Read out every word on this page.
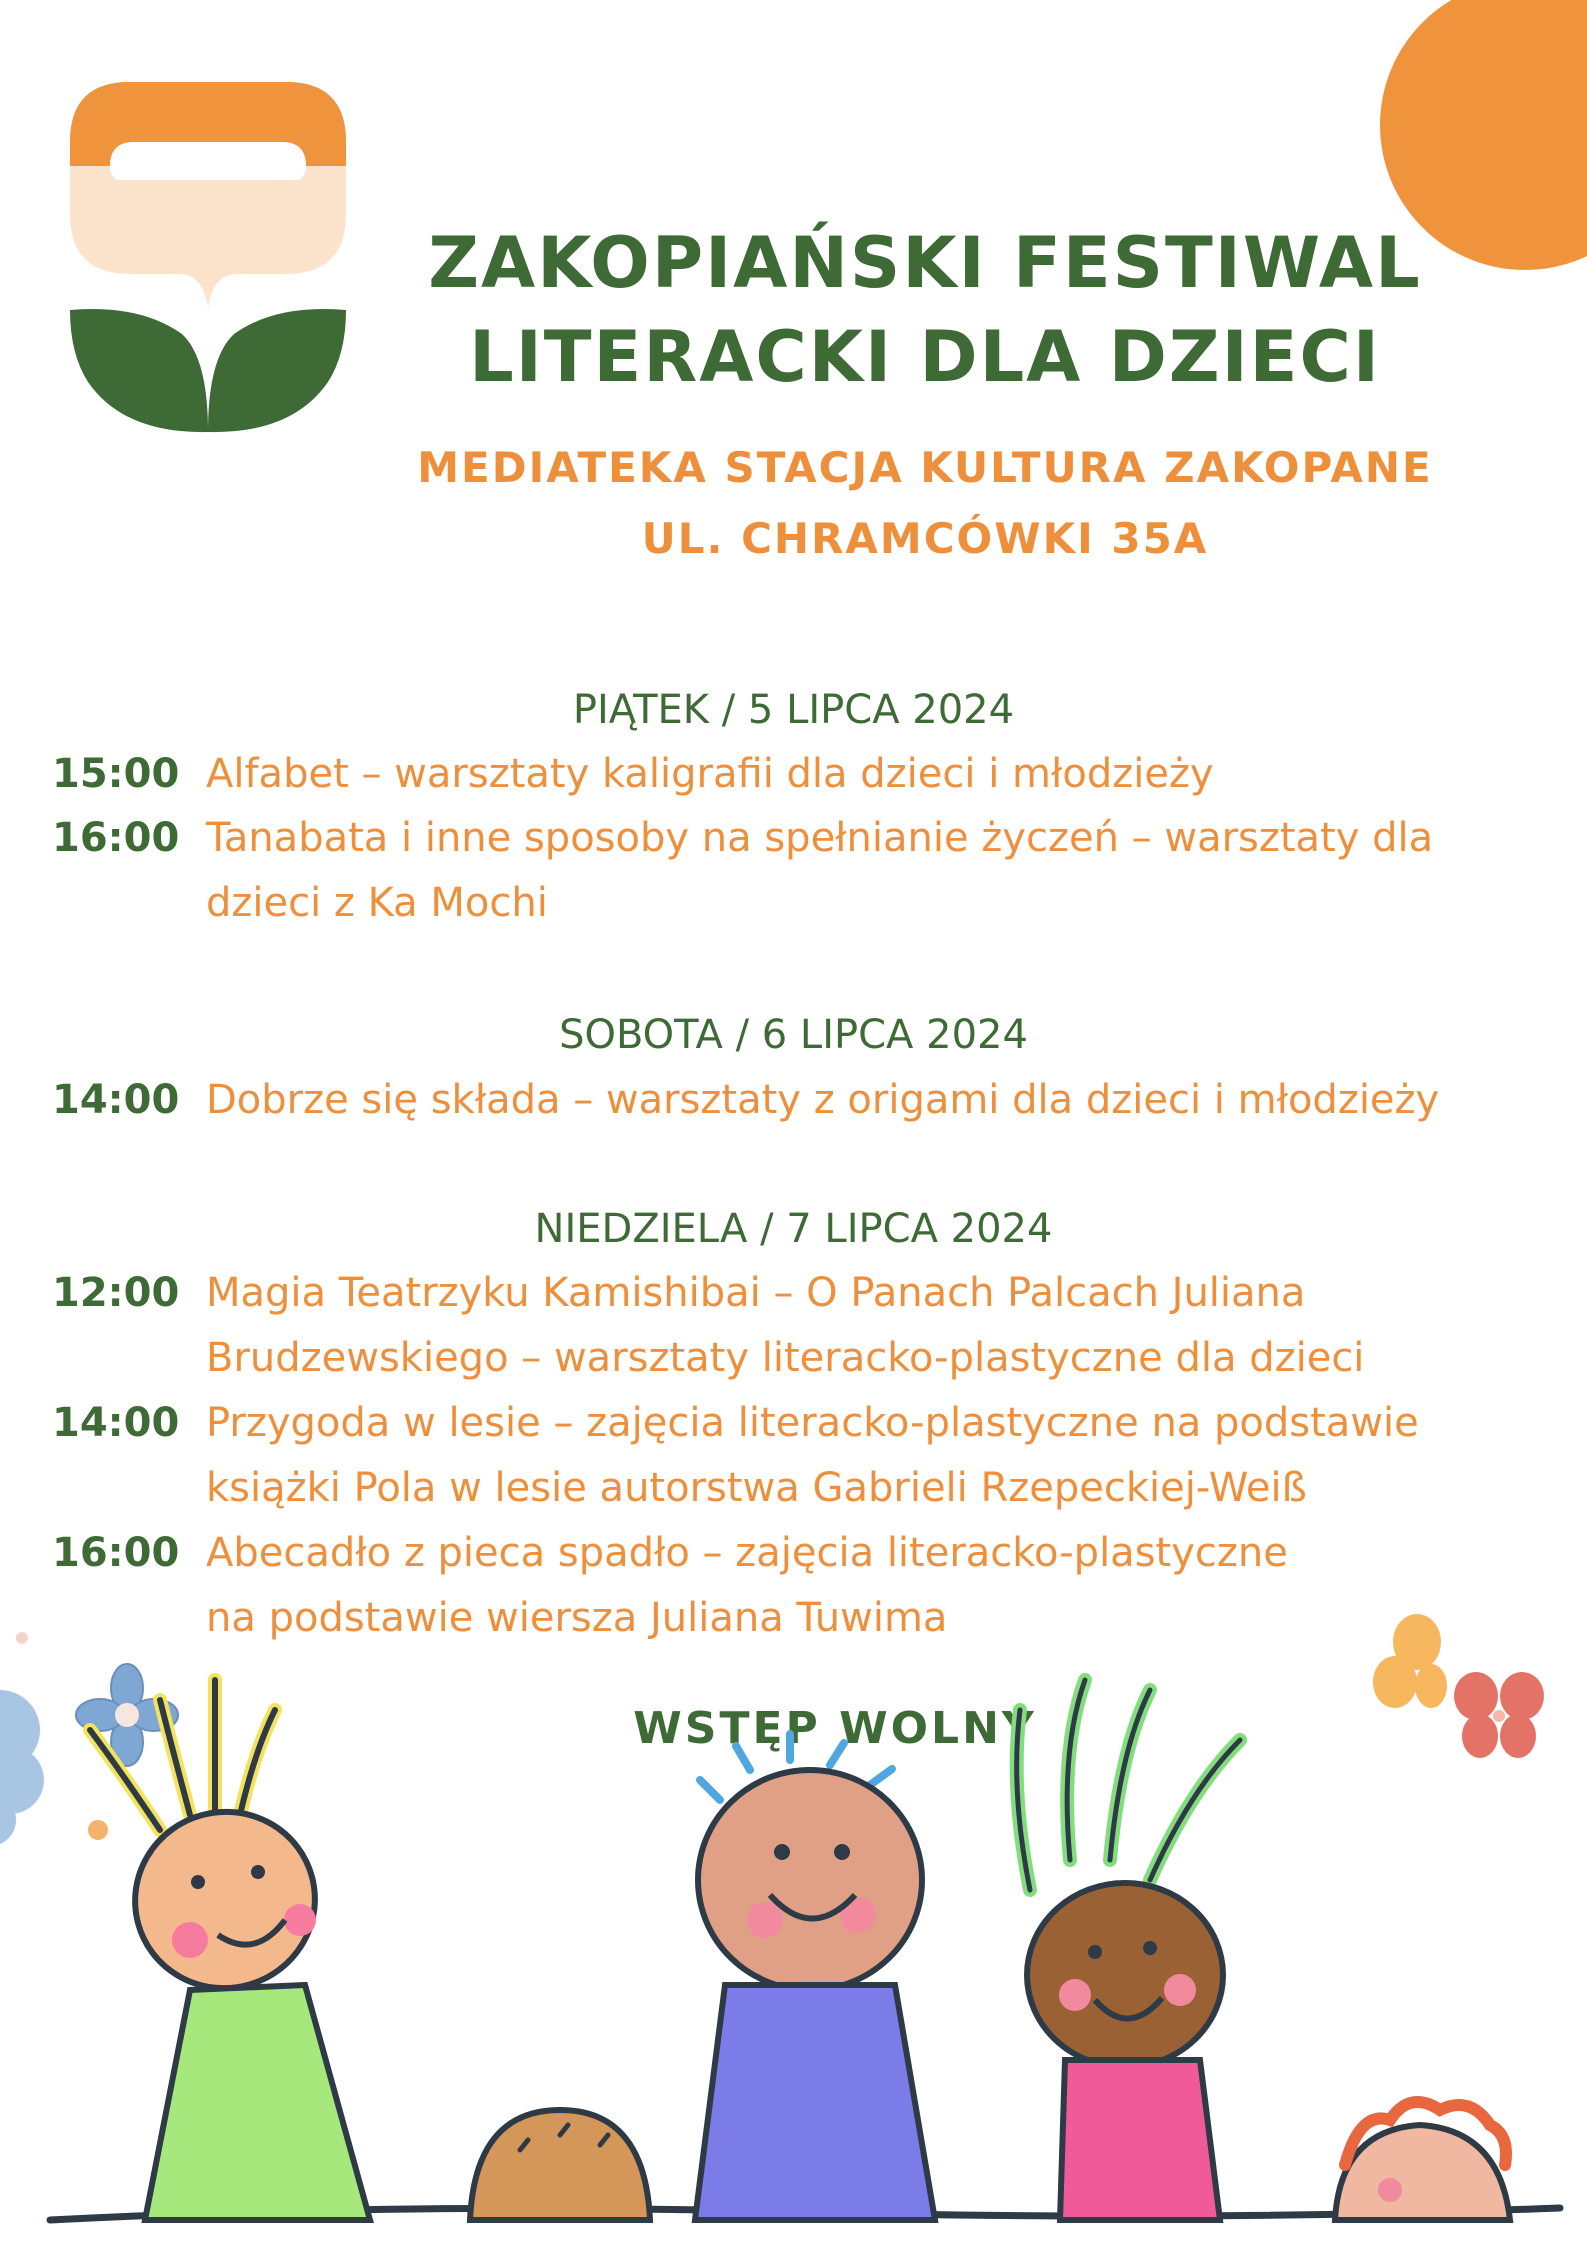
ZAKOPIAŃSKI FESTIWAL
LITERACKI DLA DZIECI
MEDIATEKA STACJA KULTURA ZAKOPANE
UL. CHRAMCÓWKI 35A
PIĄTEK / 5 LIPCA 2024
15:00 Alfabet – warsztaty kaligrafii dla dzieci i młodzieży
16:00 Tanabata i inne sposoby na spełnianie życzeń – warsztaty dla
dzieci z Ka Mochi
SOBOTA / 6 LIPCA 2024
14:00 Dobrze się składa – warsztaty z origami dla dzieci i młodzieży
NIEDZIELA / 7 LIPCA 2024
12:00 Magia Teatrzyku Kamishibai – O Panach Palcach Juliana
Brudzewskiego – warsztaty literacko-plastyczne dla dzieci
14:00 Przygoda w lesie – zajęcia literacko-plastyczne na podstawie
książki Pola w lesie autorstwa Gabrieli Rzepeckiej-Weiß
16:00 Abecadło z pieca spadło – zajęcia literacko-plastyczne
na podstawie wiersza Juliana Tuwima
WSTĘP WOLNY
